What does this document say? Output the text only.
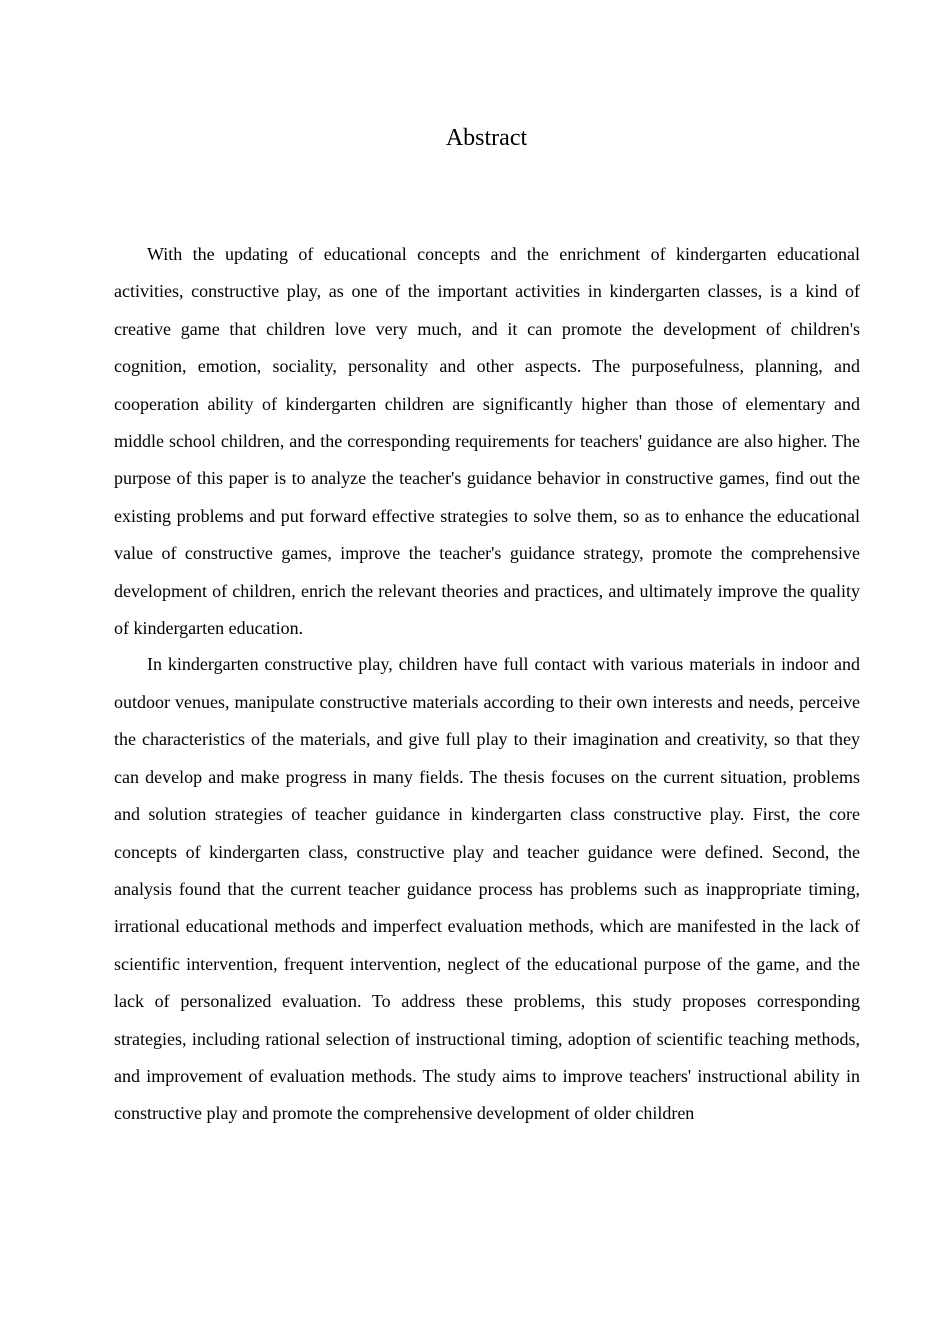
Abstract

With the updating of educational concepts and the enrichment of kindergarten educational activities, constructive play, as one of the important activities in kindergarten classes, is a kind of creative game that children love very much, and it can promote the development of children's cognition, emotion, sociality, personality and other aspects. The purposefulness, planning, and cooperation ability of kindergarten children are significantly higher than those of elementary and middle school children, and the corresponding requirements for teachers' guidance are also higher. The purpose of this paper is to analyze the teacher's guidance behavior in constructive games, find out the existing problems and put forward effective strategies to solve them, so as to enhance the educational value of constructive games, improve the teacher's guidance strategy, promote the comprehensive development of children, enrich the relevant theories and practices, and ultimately improve the quality of kindergarten education.

In kindergarten constructive play, children have full contact with various materials in indoor and outdoor venues, manipulate constructive materials according to their own interests and needs, perceive the characteristics of the materials, and give full play to their imagination and creativity, so that they can develop and make progress in many fields. The thesis focuses on the current situation, problems and solution strategies of teacher guidance in kindergarten class constructive play. First, the core concepts of kindergarten class, constructive play and teacher guidance were defined. Second, the analysis found that the current teacher guidance process has problems such as inappropriate timing, irrational educational methods and imperfect evaluation methods, which are manifested in the lack of scientific intervention, frequent intervention, neglect of the educational purpose of the game, and the lack of personalized evaluation. To address these problems, this study proposes corresponding strategies, including rational selection of instructional timing, adoption of scientific teaching methods, and improvement of evaluation methods. The study aims to improve teachers' instructional ability in constructive play and promote the comprehensive development of older children
